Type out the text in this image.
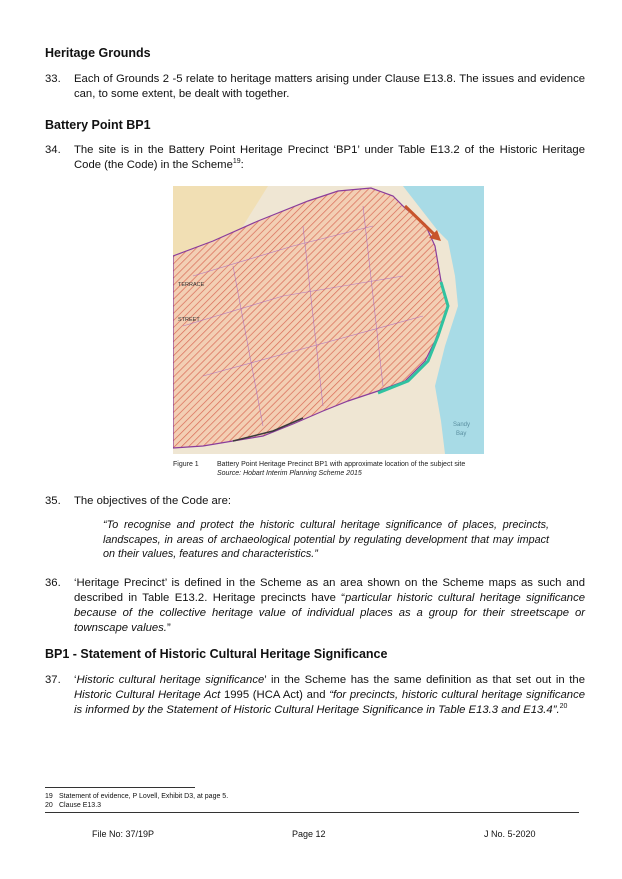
Heritage Grounds
33. Each of Grounds 2 -5 relate to heritage matters arising under Clause E13.8. The issues and evidence can, to some extent, be dealt with together.
Battery Point BP1
34. The site is in the Battery Point Heritage Precinct ‘BP1’ under Table E13.2 of the Historic Heritage Code (the Code) in the Scheme$^{19}$:
STREET
TERRACE
Sandy
Bay
Figure 1	Battery Point Heritage Precinct BP1 with approximate location of the subject site
Source: Hobart Interim Planning Scheme 2015
35. The objectives of the Code are:
“To recognise and protect the historic cultural heritage significance of places, precincts, landscapes, in areas of archaeological potential by regulating development that may impact on their values, features and characteristics.”
36. ‘Heritage Precinct’ is defined in the Scheme as an area shown on the Scheme maps as such and described in Table E13.2. Heritage precincts have “particular historic cultural heritage significance because of the collective heritage value of individual places as a group for their streetscape or townscape values.”
BP1 - Statement of Historic Cultural Heritage Significance
37. ‘Historic cultural heritage significance’ in the Scheme has the same definition as that set out in the Historic Cultural Heritage Act 1995 (HCA Act) and “for precincts, historic cultural heritage significance is informed by the Statement of Historic Cultural Heritage Significance in Table E13.3 and E13.4”.$^{20}$
19 Statement of evidence, P Lovell, Exhibit D3, at page 5.
20 Clause E13.3
File No: 37/19P	Page 12	J No. 5-2020
